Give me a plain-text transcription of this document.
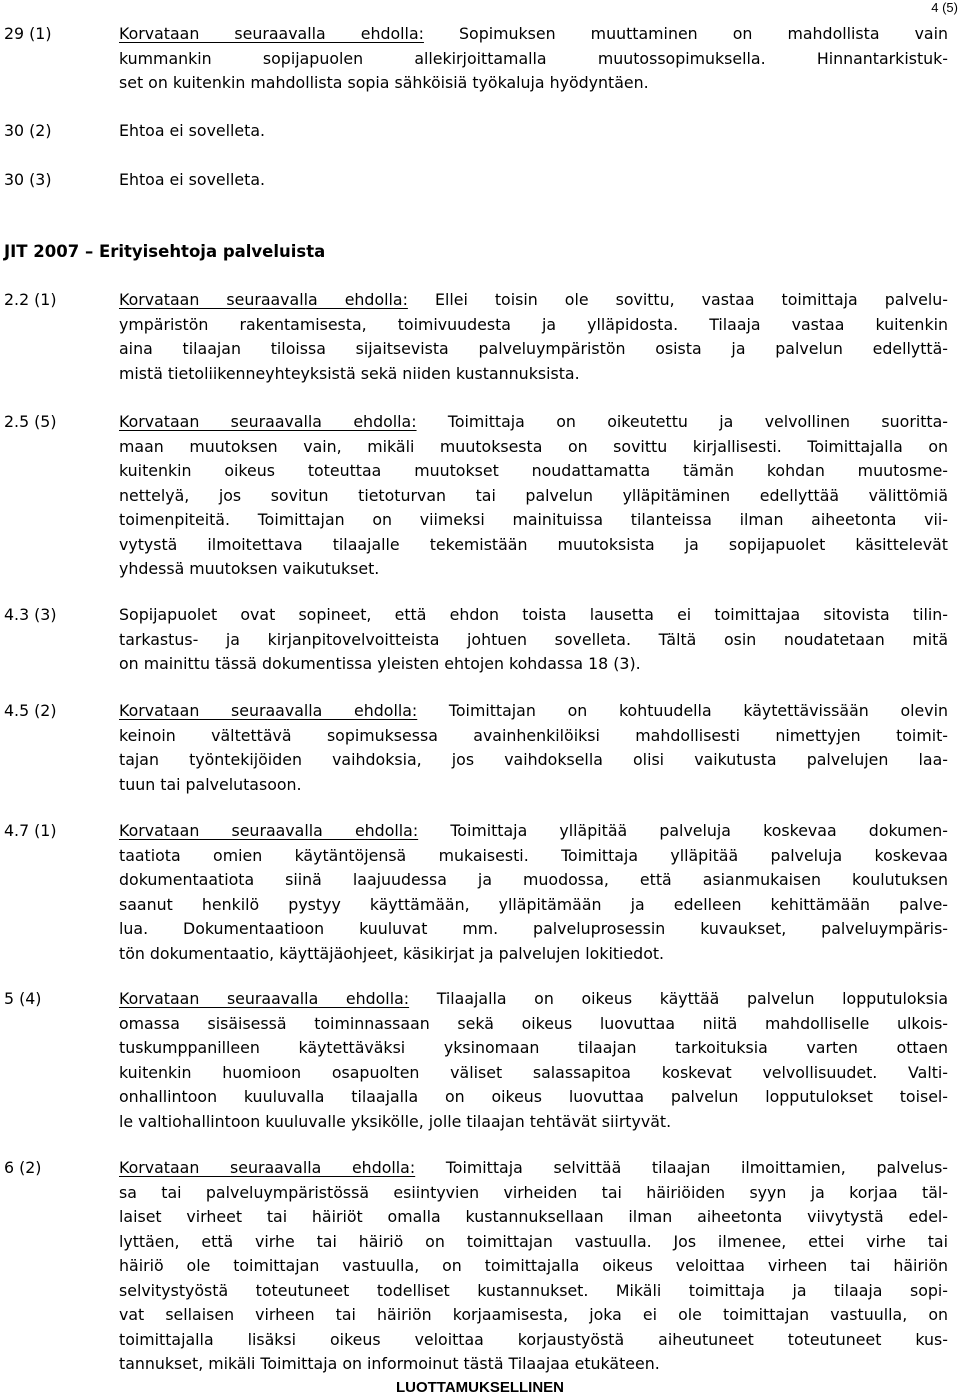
4 (5)
29 (1)	Korvataan seuraavalla ehdolla: Sopimuksen muuttaminen on mahdollista vain
kummankin sopijapuolen allekirjoittamalla muutossopimuksella. Hinnantarkistuk-
set on kuitenkin mahdollista sopia sähköisiä työkaluja hyödyntäen.
30 (2)	Ehtoa ei sovelleta.
30 (3)	Ehtoa ei sovelleta.
JIT 2007 – Erityisehtoja palveluista
2.2 (1)	Korvataan seuraavalla ehdolla: Ellei toisin ole sovittu, vastaa toimittaja palvelu-
ympäristön rakentamisesta, toimivuudesta ja ylläpidosta. Tilaaja vastaa kuitenkin
aina tilaajan tiloissa sijaitsevista palveluympäristön osista ja palvelun edellyttä-
mistä tietoliikenneyhteyksistä sekä niiden kustannuksista.
2.5 (5)	Korvataan seuraavalla ehdolla: Toimittaja on oikeutettu ja velvollinen suoritta-
maan muutoksen vain, mikäli muutoksesta on sovittu kirjallisesti. Toimittajalla on
kuitenkin oikeus toteuttaa muutokset noudattamatta tämän kohdan muutosme-
nettelyä, jos sovitun tietoturvan tai palvelun ylläpitäminen edellyttää välittömiä
toimenpiteitä. Toimittajan on viimeksi mainituissa tilanteissa ilman aiheetonta vii-
vytystä ilmoitettava tilaajalle tekemistään muutoksista ja sopijapuolet käsittelevät
yhdessä muutoksen vaikutukset.
4.3 (3)	Sopijapuolet ovat sopineet, että ehdon toista lausetta ei toimittajaa sitovista tilin-
tarkastus- ja kirjanpitovelvoitteista johtuen sovelleta. Tältä osin noudatetaan mitä
on mainittu tässä dokumentissa yleisten ehtojen kohdassa 18 (3).
4.5 (2)	Korvataan seuraavalla ehdolla: Toimittajan on kohtuudella käytettävissään olevin
keinoin vältettävä sopimuksessa avainhenkilöiksi mahdollisesti nimettyjen toimit-
tajan työntekijöiden vaihdoksia, jos vaihdoksella olisi vaikutusta palvelujen laa-
tuun tai palvelutasoon.
4.7 (1)	Korvataan seuraavalla ehdolla: Toimittaja ylläpitää palveluja koskevaa dokumen-
taatiota omien käytäntöjensä mukaisesti. Toimittaja ylläpitää palveluja koskevaa
dokumentaatiota siinä laajuudessa ja muodossa, että asianmukaisen koulutuksen
saanut henkilö pystyy käyttämään, ylläpitämään ja edelleen kehittämään palve-
lua. Dokumentaatioon kuuluvat mm. palveluprosessin kuvaukset, palveluympäris-
tön dokumentaatio, käyttäjäohjeet, käsikirjat ja palvelujen lokitiedot.
5 (4)	Korvataan seuraavalla ehdolla: Tilaajalla on oikeus käyttää palvelun lopputuloksia
omassa sisäisessä toiminnassaan sekä oikeus luovuttaa niitä mahdolliselle ulkois-
tuskumppanilleen käytettäväksi yksinomaan tilaajan tarkoituksia varten ottaen
kuitenkin huomioon osapuolten väliset salassapitoa koskevat velvollisuudet. Valti-
onhallintoon kuuluvalla tilaajalla on oikeus luovuttaa palvelun lopputulokset toisel-
le valtiohallintoon kuuluvalle yksikölle, jolle tilaajan tehtävät siirtyvät.
6 (2)	Korvataan seuraavalla ehdolla: Toimittaja selvittää tilaajan ilmoittamien, palvelus-
sa tai palveluympäristössä esiintyvien virheiden tai häiriöiden syyn ja korjaa täl-
laiset virheet tai häiriöt omalla kustannuksellaan ilman aiheetonta viivytystä edel-
lyttäen, että virhe tai häiriö on toimittajan vastuulla. Jos ilmenee, ettei virhe tai
häiriö ole toimittajan vastuulla, on toimittajalla oikeus veloittaa virheen tai häiriön
selvitystyöstä toteutuneet todelliset kustannukset. Mikäli toimittaja ja tilaaja sopi-
vat sellaisen virheen tai häiriön korjaamisesta, joka ei ole toimittajan vastuulla, on
toimittajalla lisäksi oikeus veloittaa korjaustyöstä aiheutuneet toteutuneet kus-
tannukset, mikäli Toimittaja on informoinut tästä Tilaajaa etukäteen.
LUOTTAMUKSELLINEN
